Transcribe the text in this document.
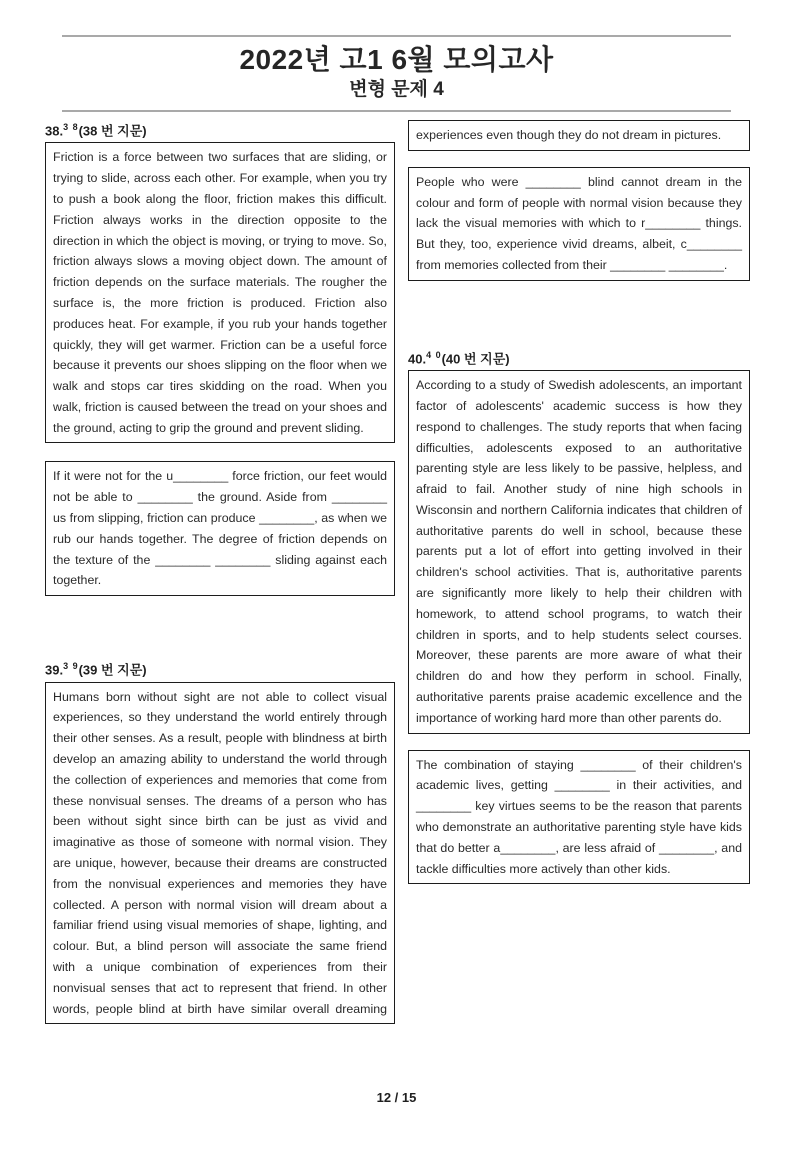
2022년 고1 6월 모의고사
변형 문제 4
38.$^{3 8}$(38 번 지문)
Friction is a force between two surfaces that are sliding, or trying to slide, across each other. For example, when you try to push a book along the floor, friction makes this difficult. Friction always works in the direction opposite to the direction in which the object is moving, or trying to move. So, friction always slows a moving object down. The amount of friction depends on the surface materials. The rougher the surface is, the more friction is produced. Friction also produces heat. For example, if you rub your hands together quickly, they will get warmer. Friction can be a useful force because it prevents our shoes slipping on the floor when we walk and stops car tires skidding on the road. When you walk, friction is caused between the tread on your shoes and the ground, acting to grip the ground and prevent sliding.
If it were not for the u________ force friction, our feet would not be able to ________ the ground. Aside from ________ us from slipping, friction can produce ________, as when we rub our hands together. The degree of friction depends on the texture of the ________ ________ sliding against each together.
39.$^{3 9}$(39 번 지문)
Humans born without sight are not able to collect visual experiences, so they understand the world entirely through their other senses. As a result, people with blindness at birth develop an amazing ability to understand the world through the collection of experiences and memories that come from these nonvisual senses. The dreams of a person who has been without sight since birth can be just as vivid and imaginative as those of someone with normal vision. They are unique, however, because their dreams are constructed from the nonvisual experiences and memories they have collected. A person with normal vision will dream about a familiar friend using visual memories of shape, lighting, and colour. But, a blind person will associate the same friend with a unique combination of experiences from their nonvisual senses that act to represent that friend. In other words, people blind at birth have similar overall dreaming
experiences even though they do not dream in pictures.
People who were ________ blind cannot dream in the colour and form of people with normal vision because they lack the visual memories with which to r________ things. But they, too, experience vivid dreams, albeit, c________ from memories collected from their ________ ________.
40.$^{4 0}$(40 번 지문)
According to a study of Swedish adolescents, an important factor of adolescents' academic success is how they respond to challenges. The study reports that when facing difficulties, adolescents exposed to an authoritative parenting style are less likely to be passive, helpless, and afraid to fail. Another study of nine high schools in Wisconsin and northern California indicates that children of authoritative parents do well in school, because these parents put a lot of effort into getting involved in their children's school activities. That is, authoritative parents are significantly more likely to help their children with homework, to attend school programs, to watch their children in sports, and to help students select courses. Moreover, these parents are more aware of what their children do and how they perform in school. Finally, authoritative parents praise academic excellence and the importance of working hard more than other parents do.
The combination of staying ________ of their children's academic lives, getting ________ in their activities, and ________ key virtues seems to be the reason that parents who demonstrate an authoritative parenting style have kids that do better a________, are less afraid of ________, and tackle difficulties more actively than other kids.
12 / 15
